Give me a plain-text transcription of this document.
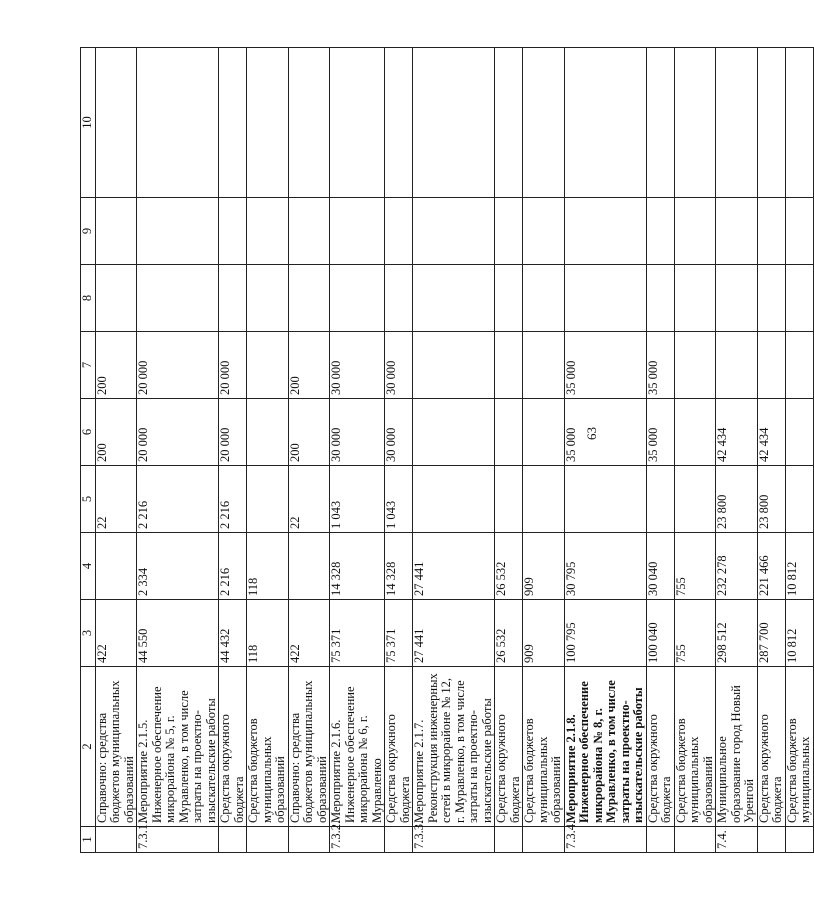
63
1	2	3	4	5	6	7	8	9	10
	Справочно: средства бюджетов муниципальных образований	422		22	200	200			
7.3.1.	Мероприятие 2.1.5. Инженерное обеспечение микрорайона № 5, г. Муравленко, в том числе затраты на проектно-изыскательские работы	44 550	2 334	2 216	20 000	20 000			
	Средства окружного бюджета	44 432	2 216	2 216	20 000	20 000			
	Средства бюджетов муниципальных образований	118	118						
	Справочно: средства бюджетов муниципальных образований	422		22	200	200			
7.3.2.	Мероприятие 2.1.6. Инженерное обеспечение микрорайона № 6, г. Муравленко	75 371	14 328	1 043	30 000	30 000			
	Средства окружного бюджета	75 371	14 328	1 043	30 000	30 000			
7.3.3.	Мероприятие 2.1.7. Реконструкция инженерных сетей в микрорайоне № 12, г. Муравленко, в том числе затраты на проектно-изыскательские работы	27 441	27 441						
	Средства окружного бюджета	26 532	26 532						
	Средства бюджетов муниципальных образований	909	909						
7.3.4.	Мероприятие 2.1.8. Инженерное обеспечение микрорайона № 8, г. Муравленко, в том числе затраты на проектно-изыскательские работы	100 795	30 795		35 000	35 000			
	Средства окружного бюджета	100 040	30 040		35 000	35 000			
	Средства бюджетов муниципальных образований	755	755						
7.4.	Муниципальное образование город Новый Уренгой	298 512	232 278	23 800	42 434				
	Средства окружного бюджета	287 700	221 466	23 800	42 434				
	Средства бюджетов муниципальных	10 812	10 812						
